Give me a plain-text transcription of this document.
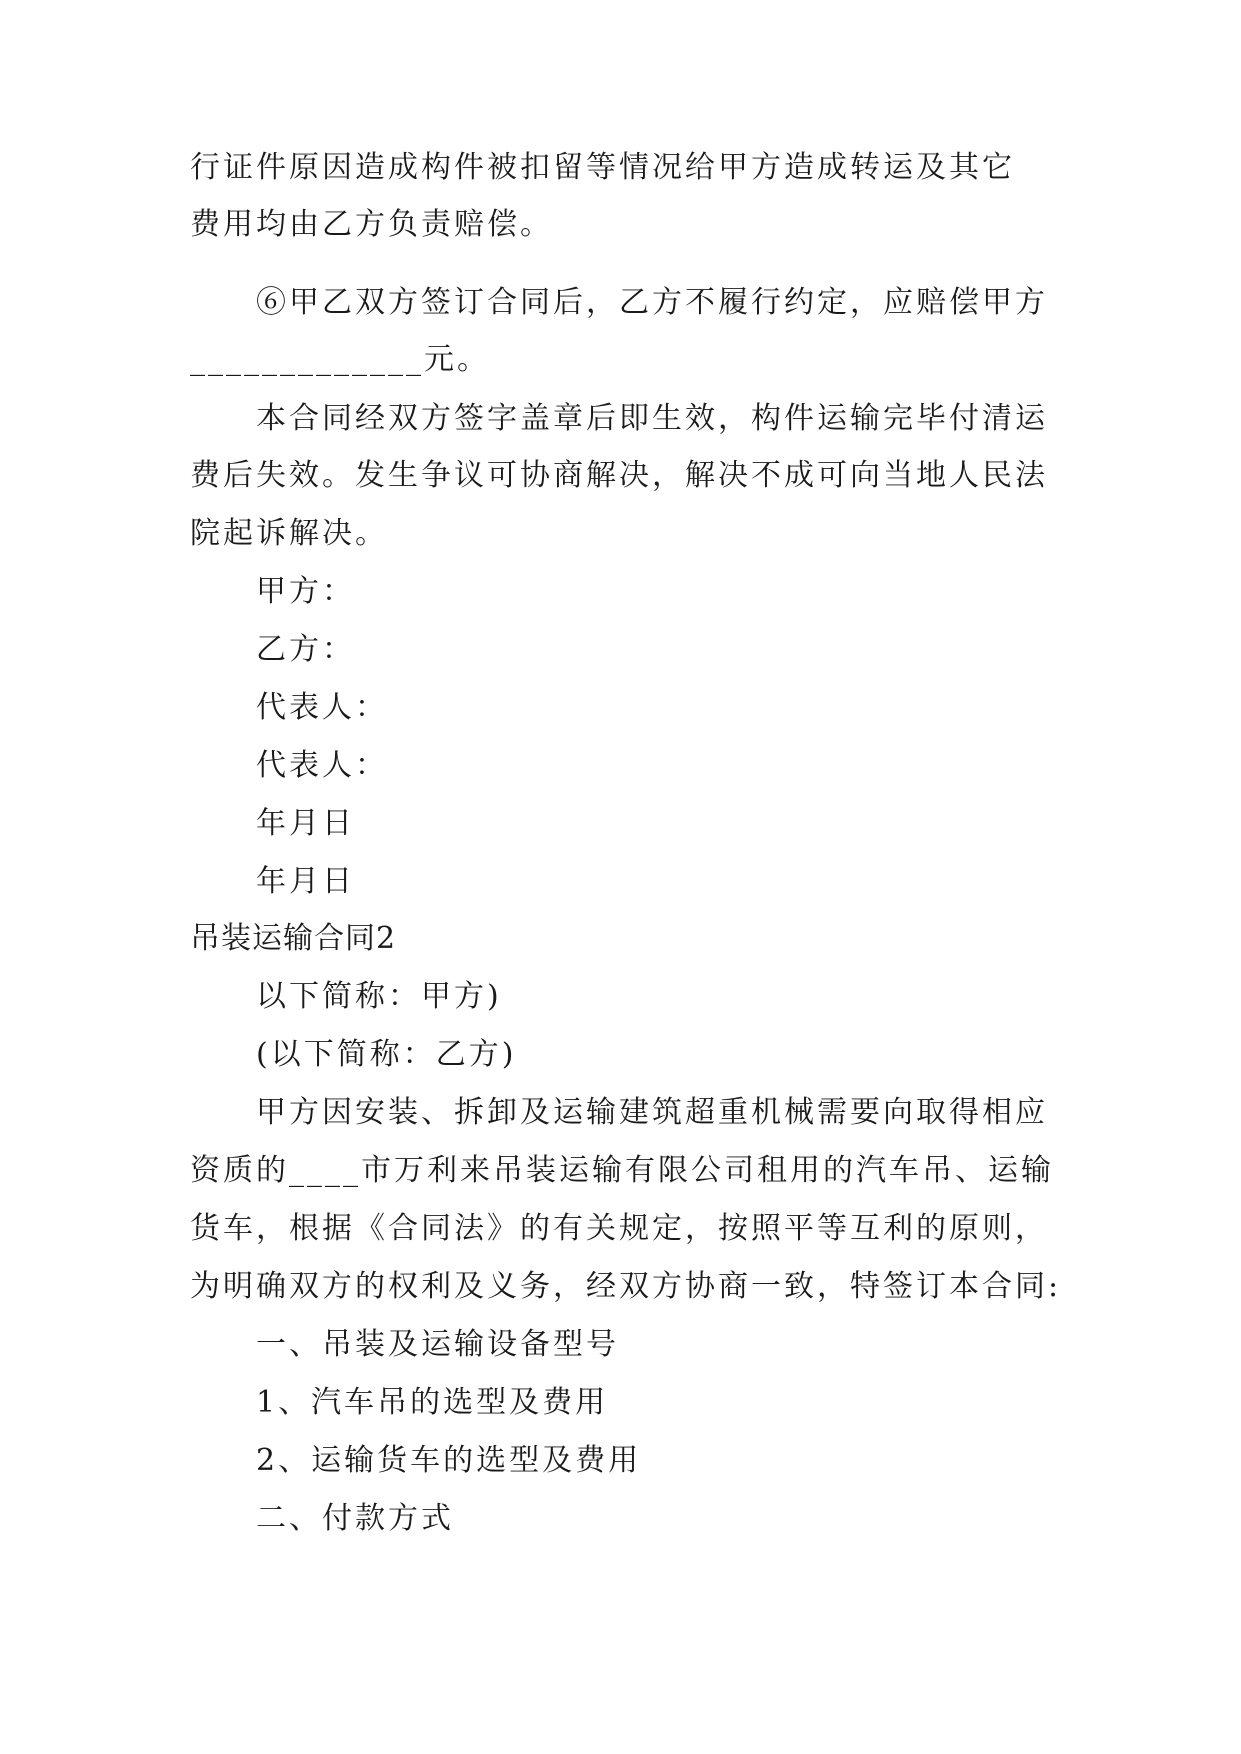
行证件原因造成构件被扣留等情况给甲方造成转运及其它
费用均由乙方负责赔偿。
⑥甲乙双方签订合同后，乙方不履行约定，应赔偿甲方
_____________元。
本合同经双方签字盖章后即生效，构件运输完毕付清运
费后失效。发生争议可协商解决，解决不成可向当地人民法
院起诉解决。
甲方：
乙方：
代表人：
代表人：
年月日
年月日
吊装运输合同2
以下简称：甲方)
(以下简称：乙方)
甲方因安装、拆卸及运输建筑超重机械需要向取得相应
资质的____市万利来吊装运输有限公司租用的汽车吊、运输
货车，根据《合同法》的有关规定，按照平等互利的原则，
为明确双方的权利及义务，经双方协商一致，特签订本合同:
一、吊装及运输设备型号
1、汽车吊的选型及费用
2、运输货车的选型及费用
二、付款方式
